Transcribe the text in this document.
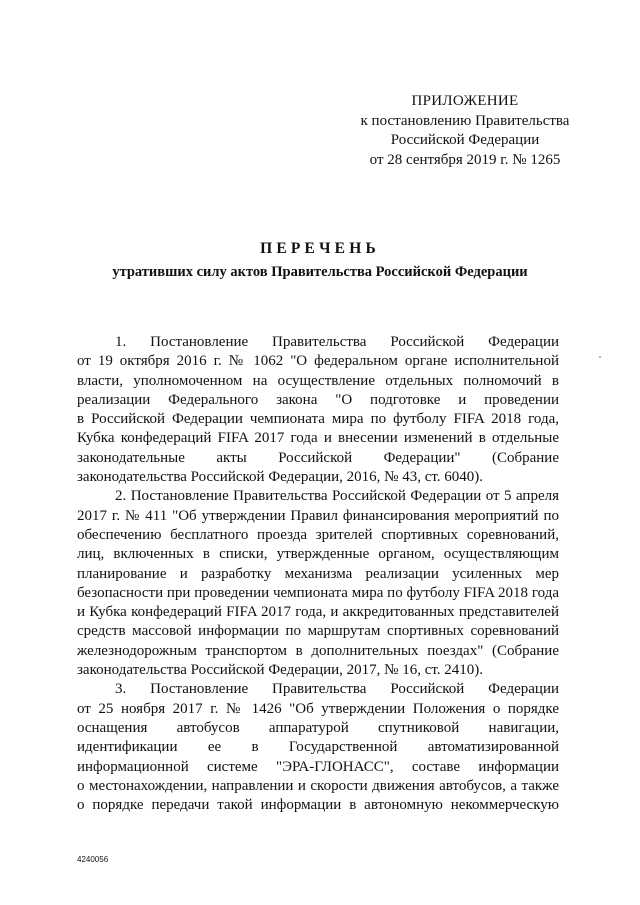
ПРИЛОЖЕНИЕ
к постановлению Правительства
Российской Федерации
от 28 сентября 2019 г. № 1265
ПЕРЕЧЕНЬ
утративших силу актов Правительства Российской Федерации
1. Постановление Правительства Российской Федерации
от 19 октября 2016 г. № 1062 "О федеральном органе исполнительной
власти, уполномоченном на осуществление отдельных полномочий в
реализации Федерального закона "О подготовке и проведении
в Российской Федерации чемпионата мира по футболу FIFA 2018 года,
Кубка конфедераций FIFA 2017 года и внесении изменений в отдельные
законодательные акты Российской Федерации" (Собрание
законодательства Российской Федерации, 2016, № 43, ст. 6040).
2. Постановление Правительства Российской Федерации от 5 апреля
2017 г. № 411 "Об утверждении Правил финансирования мероприятий по
обеспечению бесплатного проезда зрителей спортивных соревнований,
лиц, включенных в списки, утвержденные органом, осуществляющим
планирование и разработку механизма реализации усиленных мер
безопасности при проведении чемпионата мира по футболу FIFA 2018 года
и Кубка конфедераций FIFA 2017 года, и аккредитованных представителей
средств массовой информации по маршрутам спортивных соревнований
железнодорожным транспортом в дополнительных поездах" (Собрание
законодательства Российской Федерации, 2017, № 16, ст. 2410).
3. Постановление Правительства Российской Федерации
от 25 ноября 2017 г. № 1426 "Об утверждении Положения о порядке
оснащения автобусов аппаратурой спутниковой навигации,
идентификации ее в Государственной автоматизированной
информационной системе "ЭРА-ГЛОНАСС", составе информации
о местонахождении, направлении и скорости движения автобусов, а также
о порядке передачи такой информации в автономную некоммерческую
4240056
